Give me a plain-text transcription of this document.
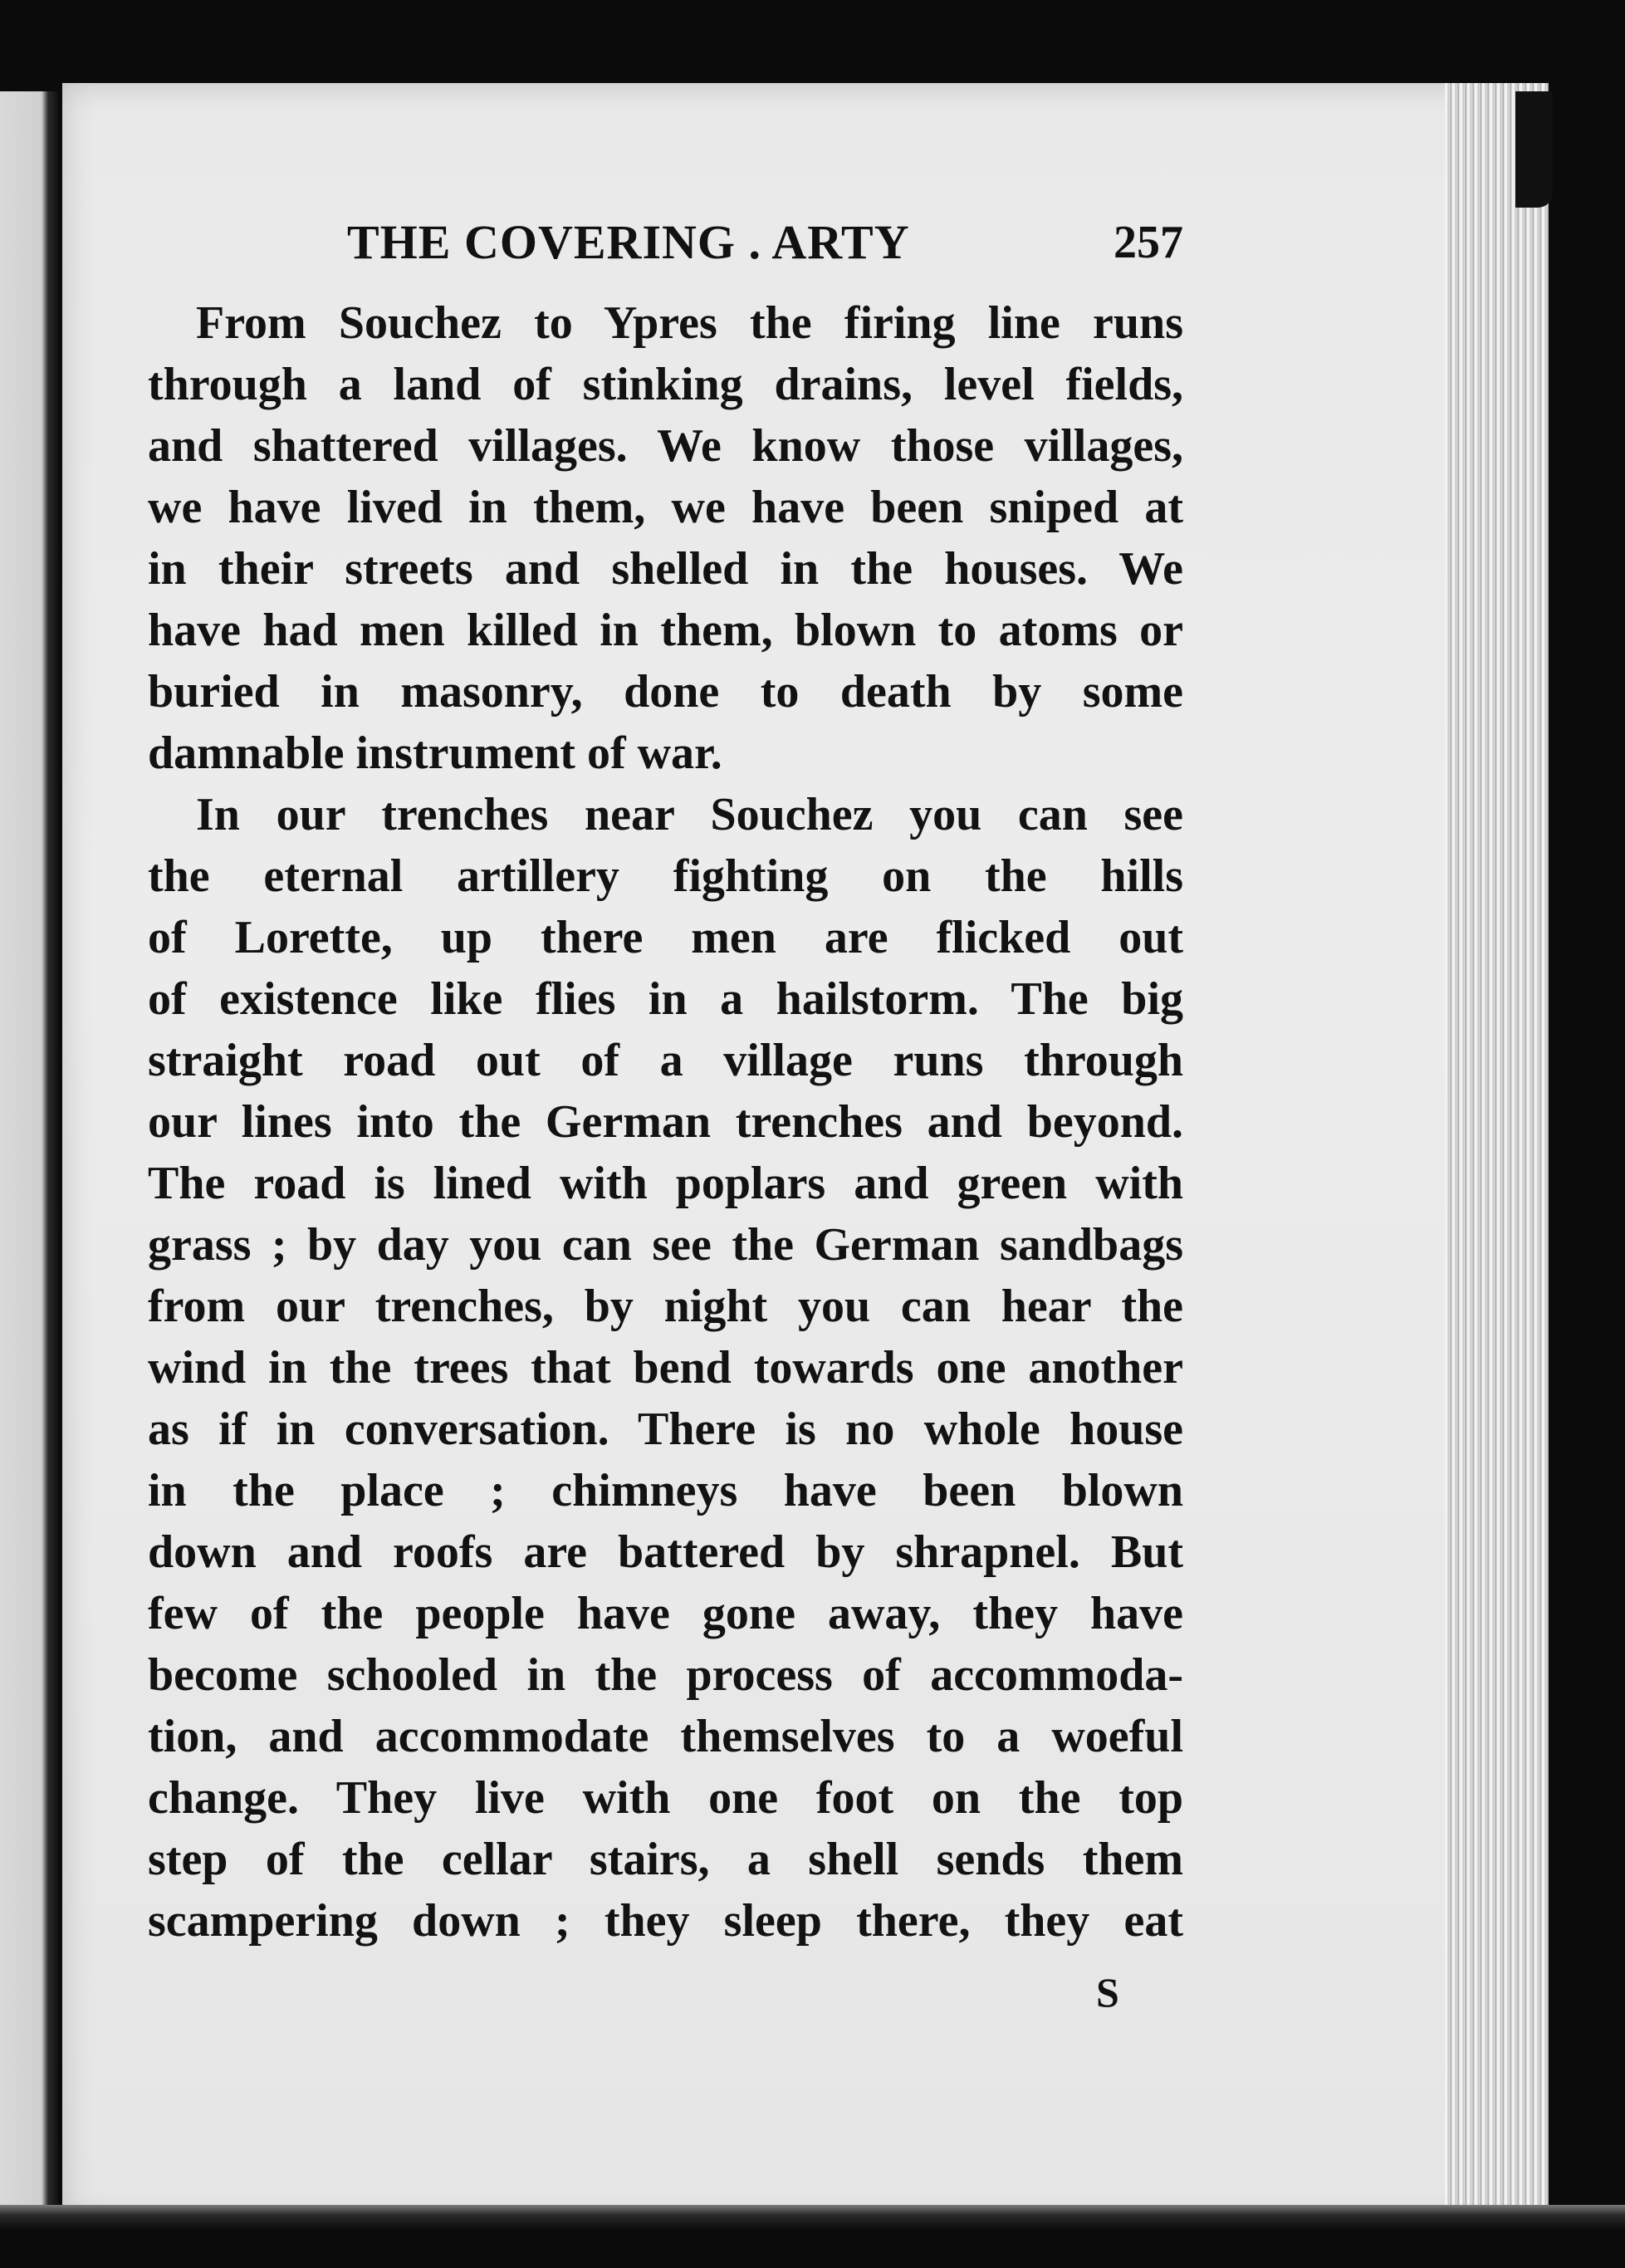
THE COVERING . ARTY	257
From Souchez to Ypres the firing line runs
through a land of stinking drains, level fields,
and shattered villages. We know those villages,
we have lived in them, we have been sniped at
in their streets and shelled in the houses. We
have had men killed in them, blown to atoms or
buried in masonry, done to death by some
damnable instrument of war.
In our trenches near Souchez you can see
the eternal artillery fighting on the hills
of Lorette, up there men are flicked out
of existence like flies in a hailstorm. The big
straight road out of a village runs through
our lines into the German trenches and beyond.
The road is lined with poplars and green with
grass ; by day you can see the German sandbags
from our trenches, by night you can hear the
wind in the trees that bend towards one another
as if in conversation. There is no whole house
in the place ; chimneys have been blown
down and roofs are battered by shrapnel. But
few of the people have gone away, they have
become schooled in the process of accommoda-
tion, and accommodate themselves to a woeful
change. They live with one foot on the top
step of the cellar stairs, a shell sends them
scampering down ; they sleep there, they eat
S
